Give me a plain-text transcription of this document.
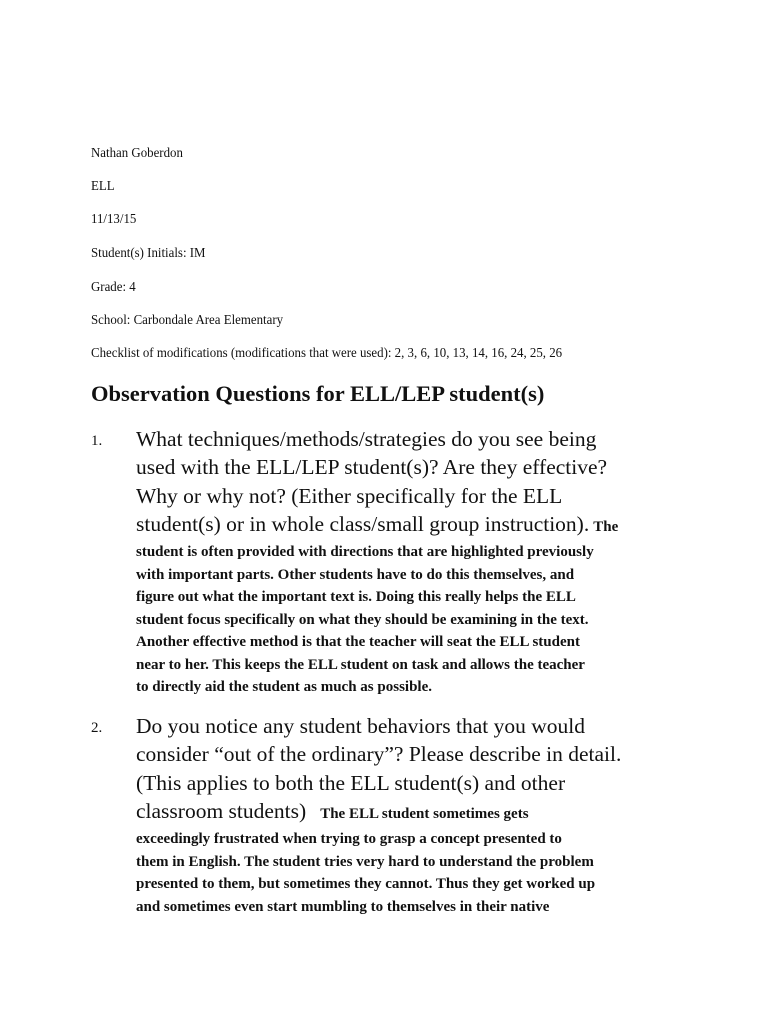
Nathan Goberdon
ELL
11/13/15
Student(s) Initials: IM
Grade: 4
School: Carbondale Area Elementary
Checklist of modifications (modifications that were used): 2, 3, 6, 10, 13, 14, 16, 24, 25, 26
Observation Questions for ELL/LEP student(s)
1. What techniques/methods/strategies do you see being
used with the ELL/LEP student(s)? Are they effective?
Why or why not? (Either specifically for the ELL
student(s) or in whole class/small group instruction). The
student is often provided with directions that are highlighted previously
with important parts. Other students have to do this themselves, and
figure out what the important text is. Doing this really helps the ELL
student focus specifically on what they should be examining in the text.
Another effective method is that the teacher will seat the ELL student
near to her. This keeps the ELL student on task and allows the teacher
to directly aid the student as much as possible.
2. Do you notice any student behaviors that you would
consider “out of the ordinary”? Please describe in detail.
(This applies to both the ELL student(s) and other
classroom students) The ELL student sometimes gets
exceedingly frustrated when trying to grasp a concept presented to
them in English. The student tries very hard to understand the problem
presented to them, but sometimes they cannot. Thus they get worked up
and sometimes even start mumbling to themselves in their native
